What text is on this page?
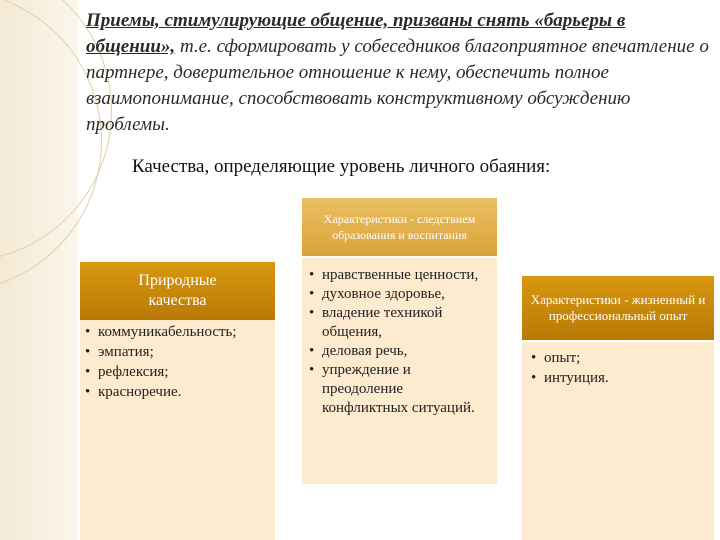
Приемы, стимулирующие общение, призваны снять «барьеры в общении», т.е. сформировать у собеседников благоприятное впечатление о партнере, доверительное отношение к нему, обеспечить полное взаимопонимание, способствовать конструктивному обсуждению проблемы.
Качества, определяющие уровень личного обаяния:
Природные качества
• коммуникабельность;
• эмпатия;
• рефлексия;
• красноречие.
Характеристики - следствием образования и воспитания
• нравственные ценности,
• духовное здоровье,
• владение техникой общения,
• деловая речь,
• упреждение и преодоление конфликтных ситуаций.
Характеристики - жизненный и профессиональный опыт
• опыт;
• интуиция.
